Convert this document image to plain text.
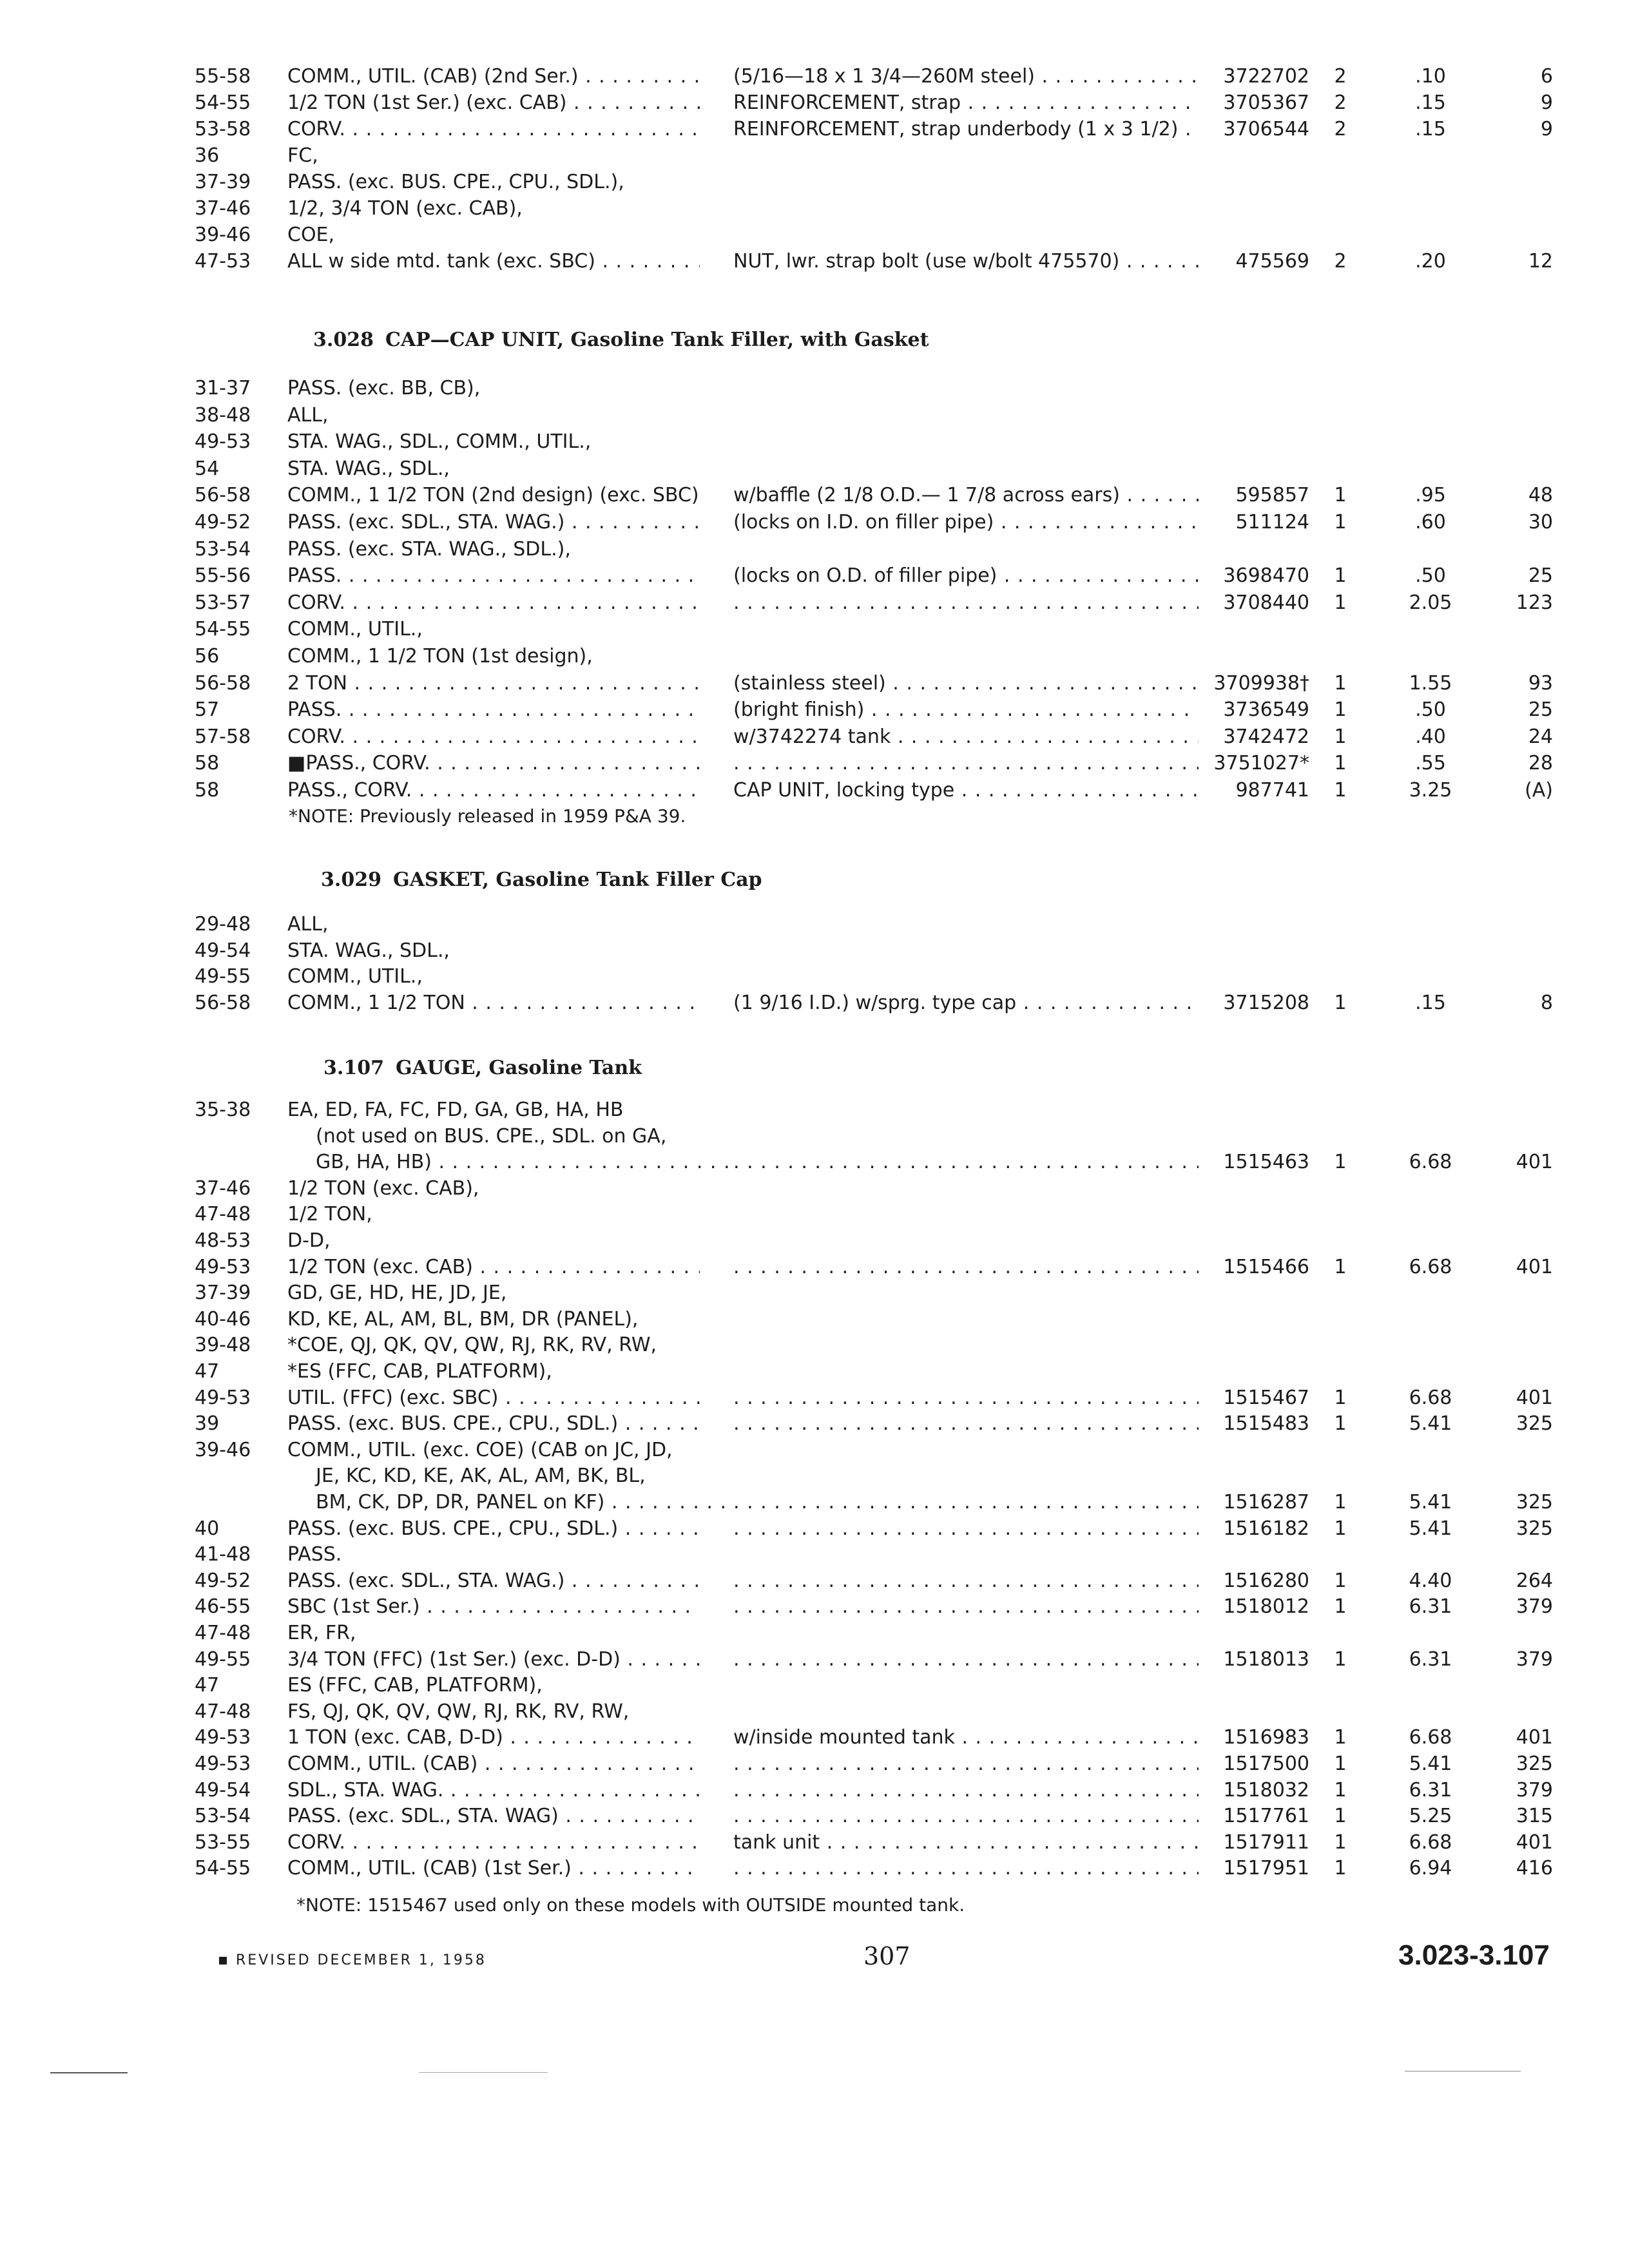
55-58 COMM., UTIL. (CAB) (2nd Ser.) . . .	(5/16—18 x 1 3/4—260M steel) . . .	3722702	2	.10	6
54-55 1/2 TON (1st Ser.) (exc. CAB) . . .	REINFORCEMENT, strap . . .	3705367	2	.15	9
53-58 CORV. . . .	REINFORCEMENT, strap underbody (1 x 3 1/2) . . .	3706544	2	.15	9
36	FC,
37-39 PASS. (exc. BUS. CPE., CPU., SDL.),
37-46 1/2, 3/4 TON (exc. CAB),
39-46 COE,
47-53 ALL w side mtd. tank (exc. SBC) . . .	NUT, lwr. strap bolt (use w/bolt 475570) . . .	475569	2	.20	12
3.028 CAP—CAP UNIT, Gasoline Tank Filler, with Gasket
31-37 PASS. (exc. BB, CB),
38-48 ALL,
49-53 STA. WAG., SDL., COMM., UTIL.,
54	STA. WAG., SDL.,
56-58 COMM., 1 1/2 TON (2nd design) (exc. SBC) . . . w/baffle (2 1/8 O.D.— 1 7/8 across ears) . . .	595857	1	.95	48
49-52 PASS. (exc. SDL., STA. WAG.) . . .	(locks on I.D. on filler pipe) . . .	511124	1	.60	30
53-54 PASS. (exc. STA. WAG., SDL.),
55-56 PASS. . . .	(locks on O.D. of filler pipe) . . .	3698470	1	.50	25
53-57 CORV. . . . . . .	3708440	1	2.05	123
54-55 COMM., UTIL.,
56	COMM., 1 1/2 TON (1st design),
56-58 2 TON . . .	(stainless steel) . . .	3709938†	1	1.55	93
57	PASS. . . .	(bright finish) . . .	3736549	1	.50	25
57-58 CORV. . . .	w/3742274 tank . . .	3742472	1	.40	24
58	■PASS., CORV. . . . . . .	3751027*	1	.55	28
58	PASS., CORV. . . .	CAP UNIT, locking type . . .	987741	1	3.25	(A)
*NOTE: Previously released in 1959 P&A 39.
3.029 GASKET, Gasoline Tank Filler Cap
29-48 ALL,
49-54 STA. WAG., SDL.,
49-55 COMM., UTIL.,
56-58 COMM., 1 1/2 TON . . .	(1 9/16 I.D.) w/sprg. type cap . . .	3715208	1	.15	8
3.107 GAUGE, Gasoline Tank
35-38 EA, ED, FA, FC, FD, GA, GB, HA, HB
(not used on BUS. CPE., SDL. on GA,
GB, HA, HB) . . . . . .	1515463	1	6.68	401
37-46 1/2 TON (exc. CAB),
47-48 1/2 TON,
48-53 D-D,
49-53 1/2 TON (exc. CAB) . . . . . .	1515466	1	6.68	401
37-39 GD, GE, HD, HE, JD, JE,
40-46 KD, KE, AL, AM, BL, BM, DR (PANEL),
39-48 *COE, QJ, QK, QV, QW, RJ, RK, RV, RW,
47	*ES (FFC, CAB, PLATFORM),
49-53 UTIL. (FFC) (exc. SBC) . . . . . .	1515467	1	6.68	401
39	PASS. (exc. BUS. CPE., CPU., SDL.) . . . . . .	1515483	1	5.41	325
39-46 COMM., UTIL. (exc. COE) (CAB on JC, JD,
JE, KC, KD, KE, AK, AL, AM, BK, BL,
BM, CK, DP, DR, PANEL on KF) . . . . . .	1516287	1	5.41	325
40	PASS. (exc. BUS. CPE., CPU., SDL.) . . . . . .	1516182	1	5.41	325
41-48 PASS.
49-52 PASS. (exc. SDL., STA. WAG.) . . . . . .	1516280	1	4.40	264
46-55 SBC (1st Ser.) . . . . . .	1518012	1	6.31	379
47-48 ER, FR,
49-55 3/4 TON (FFC) (1st Ser.) (exc. D-D) . . . . . .	1518013	1	6.31	379
47	ES (FFC, CAB, PLATFORM),
47-48 FS, QJ, QK, QV, QW, RJ, RK, RV, RW,
49-53 1 TON (exc. CAB, D-D) . . .	w/inside mounted tank . . .	1516983	1	6.68	401
49-53 COMM., UTIL. (CAB) . . . . . .	1517500	1	5.41	325
49-54 SDL., STA. WAG. . . . . . .	1518032	1	6.31	379
53-54 PASS. (exc. SDL., STA. WAG) . . . . . .	1517761	1	5.25	315
53-55 CORV. . . .	tank unit . . .	1517911	1	6.68	401
54-55 COMM., UTIL. (CAB) (1st Ser.) . . . . . .	1517951	1	6.94	416
*NOTE: 1515467 used only on these models with OUTSIDE mounted tank.
REVISED DECEMBER 1, 1958	307	3.023-3.107
